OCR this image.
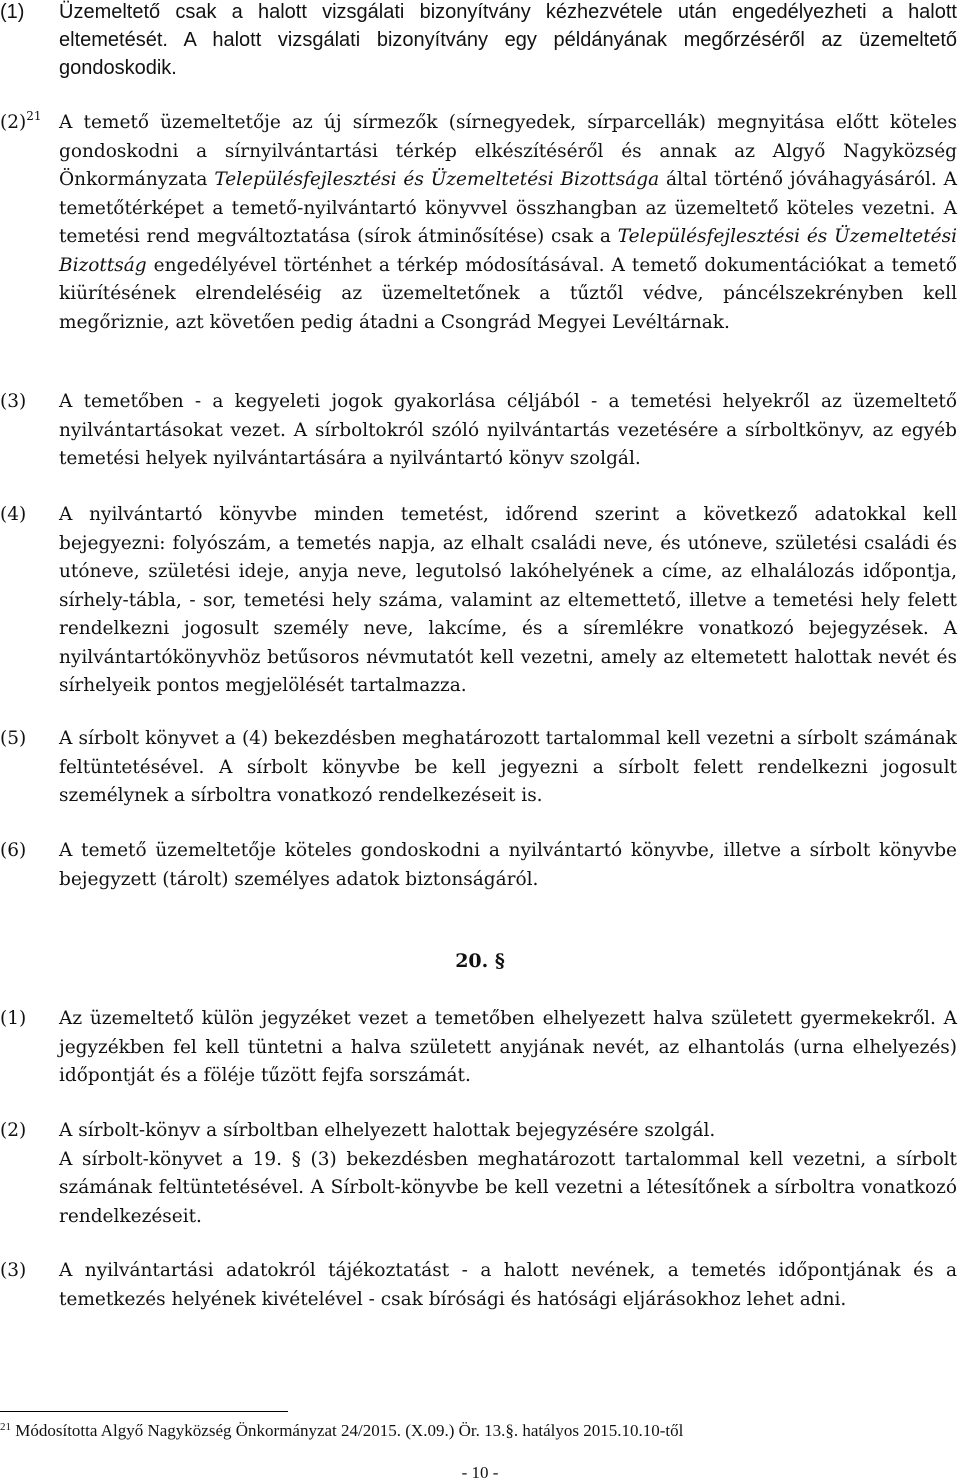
(1) Üzemeltető csak a halott vizsgálati bizonyítvány kézhezvétele után engedélyezheti a halott eltemetését. A halott vizsgálati bizonyítvány egy példányának megőrzéséről az üzemeltető gondoskodik.
$(2)^{21}$ A temető üzemeltetője az új sírmezők (sírnegyedek, sírparcellák) megnyitása előtt köteles gondoskodni a sírnyilvántartási térkép elkészítéséről és annak az Algyő Nagyközség Önkormányzata Településfejlesztési és Üzemeltetési Bizottsága által történő jóváhagyásáról. A temetőtérképet a temető-nyilvántartó könyvvel összhangban az üzemeltető köteles vezetni. A temetési rend megváltoztatása (sírok átminősítése) csak a Településfejlesztési és Üzemeltetési Bizottság engedélyével történhet a térkép módosításával. A temető dokumentációkat a temető kiürítésének elrendeléséig az üzemeltetőnek a tűztől védve, páncélszekrényben kell megőriznie, azt követően pedig átadni a Csongrád Megyei Levéltárnak.
(3) A temetőben - a kegyeleti jogok gyakorlása céljából - a temetési helyekről az üzemeltető nyilvántartásokat vezet. A sírboltokról szóló nyilvántartás vezetésére a sírboltkönyv, az egyéb temetési helyek nyilvántartására a nyilvántartó könyv szolgál.
(4) A nyilvántartó könyvbe minden temetést, időrend szerint a következő adatokkal kell bejegyezni: folyószám, a temetés napja, az elhalt családi neve, és utóneve, születési családi és utóneve, születési ideje, anyja neve, legutolsó lakóhelyének a címe, az elhalálozás időpontja, sírhely-tábla, - sor, temetési hely száma, valamint az eltemettető, illetve a temetési hely felett rendelkezni jogosult személy neve, lakcíme, és a síremlékre vonatkozó bejegyzések. A nyilvántartókönyvhöz betűsoros névmutatót kell vezetni, amely az eltemetett halottak nevét és sírhelyeik pontos megjelölését tartalmazza.
(5) A sírbolt könyvet a (4) bekezdésben meghatározott tartalommal kell vezetni a sírbolt számának feltüntetésével. A sírbolt könyvbe be kell jegyezni a sírbolt felett rendelkezni jogosult személynek a sírboltra vonatkozó rendelkezéseit is.
(6) A temető üzemeltetője köteles gondoskodni a nyilvántartó könyvbe, illetve a sírbolt könyvbe bejegyzett (tárolt) személyes adatok biztonságáról.
20. §
(1) Az üzemeltető külön jegyzéket vezet a temetőben elhelyezett halva született gyermekekről. A jegyzékben fel kell tüntetni a halva született anyjának nevét, az elhantolás (urna elhelyezés) időpontját és a föléje tűzött fejfa sorszámát.
(2) A sírbolt-könyv a sírboltban elhelyezett halottak bejegyzésére szolgál.
A sírbolt-könyvet a 19. § (3) bekezdésben meghatározott tartalommal kell vezetni, a sírbolt számának feltüntetésével. A Sírbolt-könyvbe be kell vezetni a létesítőnek a sírboltra vonatkozó rendelkezéseit.
(3) A nyilvántartási adatokról tájékoztatást - a halott nevének, a temetés időpontjának és a temetkezés helyének kivételével - csak bírósági és hatósági eljárásokhoz lehet adni.
$^{21}$ Módosította Algyő Nagyközség Önkormányzat 24/2015. (X.09.) Ör. 13.§. hatályos 2015.10.10-től
- 10 -
